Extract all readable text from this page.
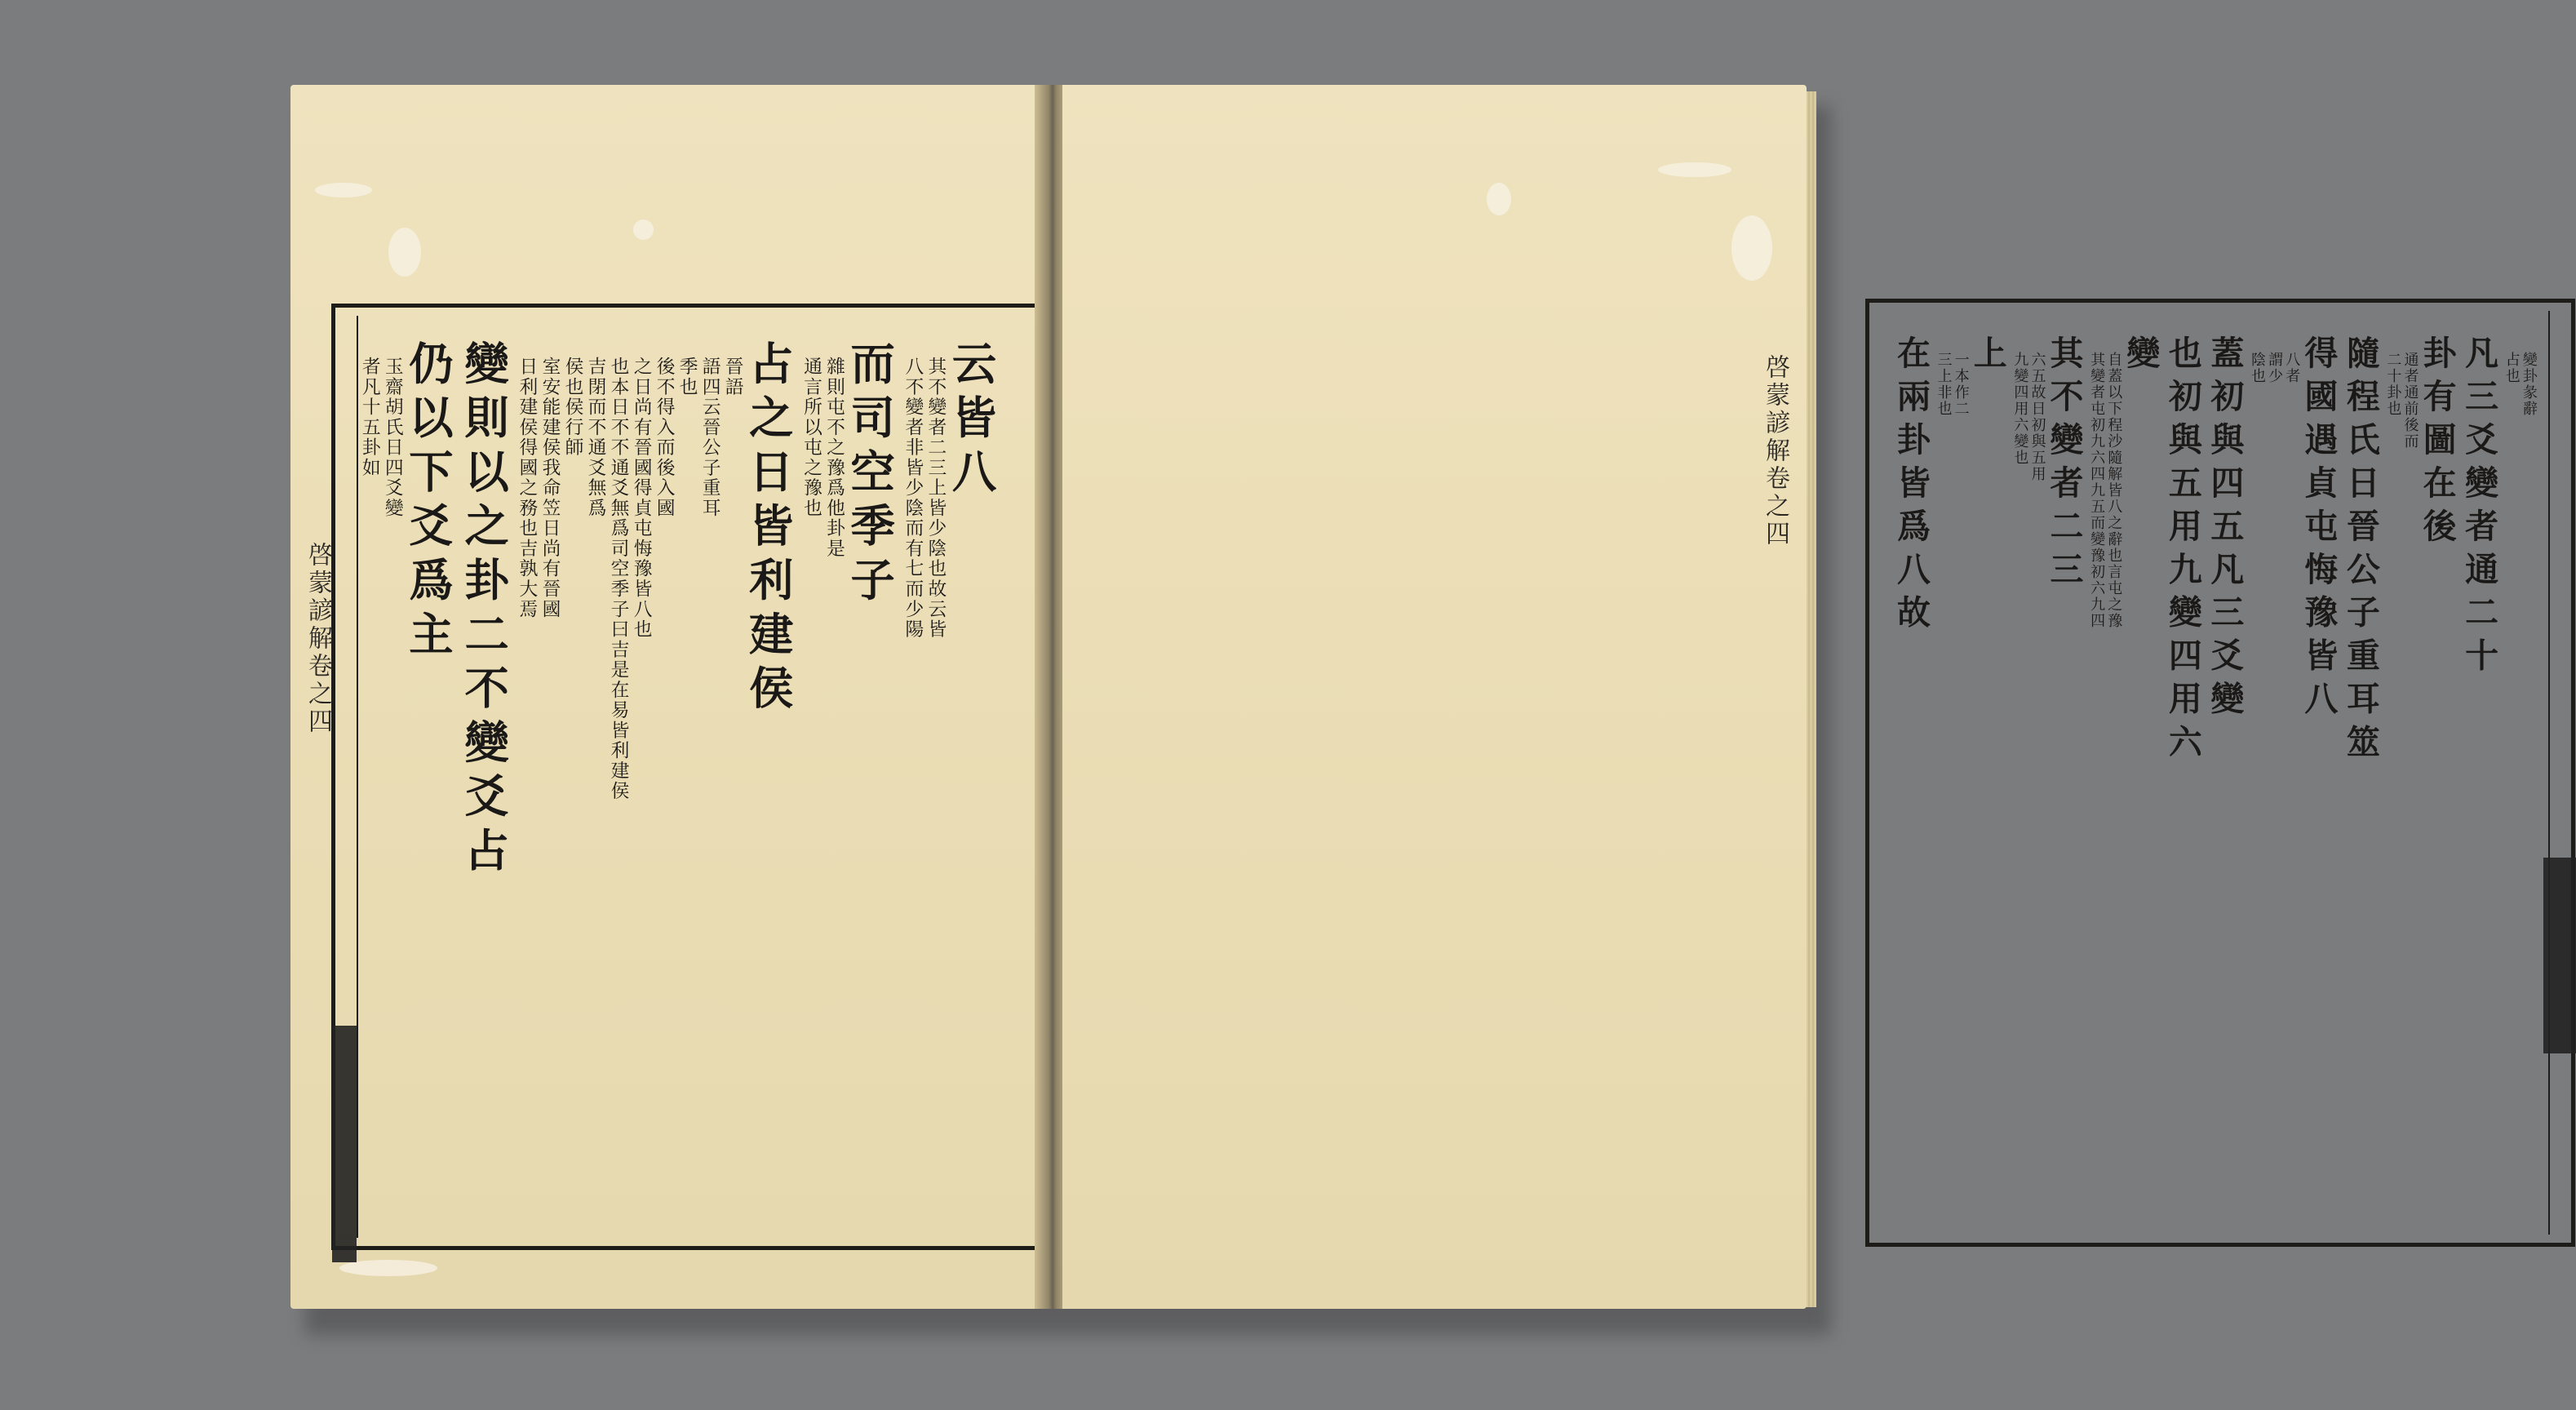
云皆八
其不變者二三上皆少陰也故云皆
八不變者非皆少陰而有七而少陽
而司空季子
雜則屯不之豫爲他卦是
通言所以屯之豫也
占之日皆利建侯
晉語
語四云晉公子重耳
季也
後不得入而後入國
之日尚有晉國得貞屯悔豫皆八也
也本日不不通爻無爲司空季子曰吉是在易皆利建侯
吉閉而不通爻無爲
侯也侯行師
室安能建侯我命笠日尚有晉國
日利建侯得國之務也吉孰大焉
變則以之卦二不變爻占
仍以下爻爲主
玉齋胡氏日四爻變
者凡十五卦如	變卦彖辭
占也
凡三爻變者通二十
卦有圖在後
通者通前後而
二十卦也
隨程氏日晉公子重耳筮
得國遇貞屯悔豫皆八
八者
謂少
陰也
蓋初與四五凡三爻變
也初與五用九變四用六
變
自蓋以下程沙隨解皆八之辭也言屯之豫
其變者屯初九六四九五而變豫初六九四
其不變者二三
六五故日初與五用
九變四用六變也
上
一本作二
三上非也
在兩卦皆爲八故
啓蒙諺解卷之四
啓蒙諺解卷之四
